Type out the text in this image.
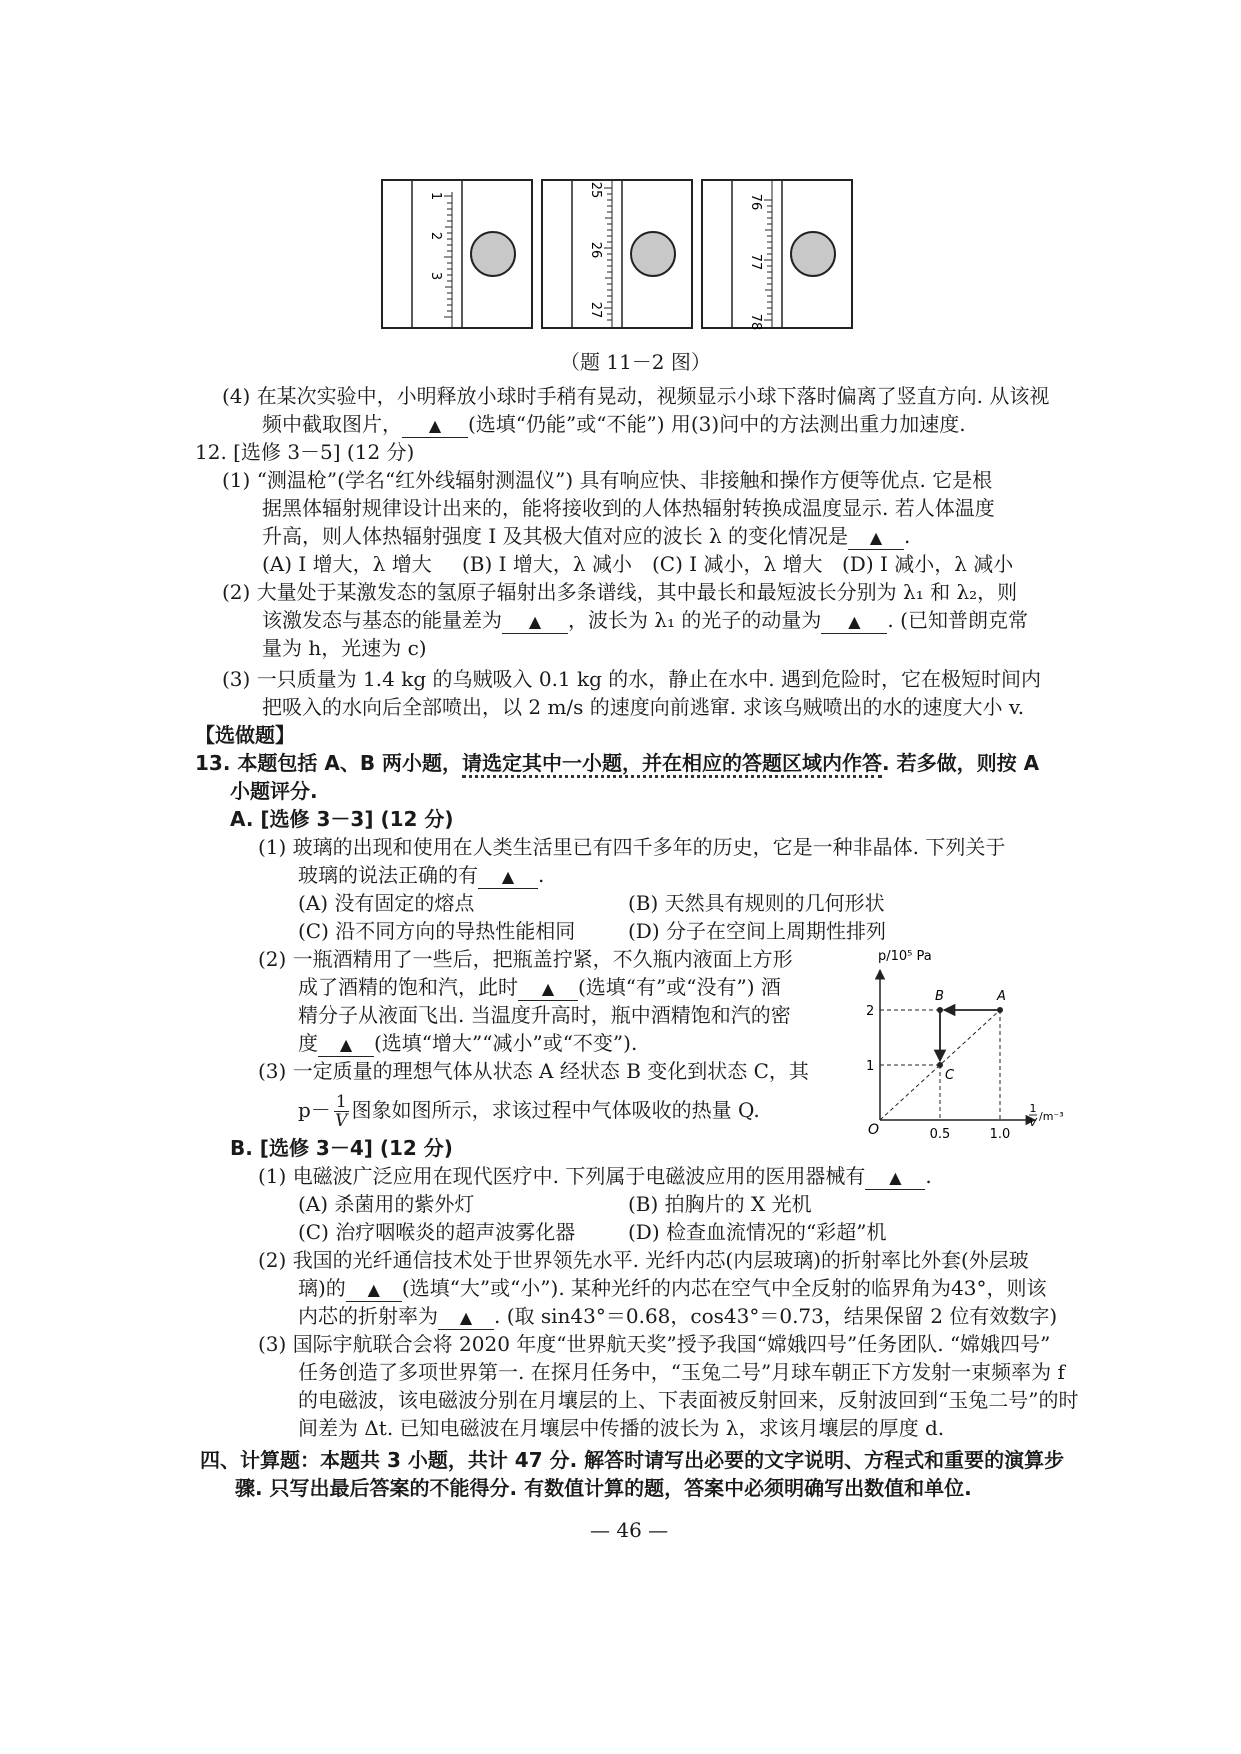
1
2
3
25
26
27
76
77
78
（题 11－2 图）
(4) 在某次实验中，小明释放小球时手稍有晃动，视频显示小球下落时偏离了竖直方向. 从该视
频中截取图片， ▲ (选填“仍能”或“不能”) 用(3)问中的方法测出重力加速度.
12. [选修 3－5] (12 分)
(1) “测温枪”(学名“红外线辐射测温仪”) 具有响应快、非接触和操作方便等优点. 它是根
据黑体辐射规律设计出来的，能将接收到的人体热辐射转换成温度显示. 若人体温度
升高，则人体热辐射强度 I 及其极大值对应的波长 λ 的变化情况是 ▲ .
(A) I 增大，λ 增大 (B) I 增大，λ 减小 (C) I 减小，λ 增大 (D) I 减小，λ 减小
(2) 大量处于某激发态的氢原子辐射出多条谱线，其中最长和最短波长分别为 λ₁ 和 λ₂，则
该激发态与基态的能量差为 ▲ ，波长为 λ₁ 的光子的动量为 ▲ . (已知普朗克常
量为 h，光速为 c)
(3) 一只质量为 1.4 kg 的乌贼吸入 0.1 kg 的水，静止在水中. 遇到危险时，它在极短时间内
把吸入的水向后全部喷出，以 2 m/s 的速度向前逃窜. 求该乌贼喷出的水的速度大小 v.
【选做题】
13. 本题包括 A、B 两小题，请选定其中一小题，并在相应的答题区域内作答. 若多做，则按 A
小题评分.
A. [选修 3－3] (12 分)
(1) 玻璃的出现和使用在人类生活里已有四千多年的历史，它是一种非晶体. 下列关于
玻璃的说法正确的有 ▲ .
(A) 没有固定的熔点	(B) 天然具有规则的几何形状
(C) 沿不同方向的导热性能相同	(D) 分子在空间上周期性排列
(2) 一瓶酒精用了一些后，把瓶盖拧紧，不久瓶内液面上方形
成了酒精的饱和汽，此时 ▲ (选填“有”或“没有”) 酒
精分子从液面飞出. 当温度升高时，瓶中酒精饱和汽的密
度 ▲ (选填“增大”“减小”或“不变”).
(3) 一定质量的理想气体从状态 A 经状态 B 变化到状态 C，其
$p- \frac{1}{V}$ 图象如图所示，求该过程中气体吸收的热量 Q.
p/10⁵ Pa
O
1
V /m⁻³
A
B
C
2
1
0.5	1.0
B. [选修 3－4] (12 分)
(1) 电磁波广泛应用在现代医疗中. 下列属于电磁波应用的医用器械有 ▲ .
(A) 杀菌用的紫外灯	(B) 拍胸片的 X 光机
(C) 治疗咽喉炎的超声波雾化器	(D) 检查血流情况的“彩超”机
(2) 我国的光纤通信技术处于世界领先水平. 光纤内芯(内层玻璃)的折射率比外套(外层玻
璃)的 ▲ (选填“大”或“小”). 某种光纤的内芯在空气中全反射的临界角为43°，则该
内芯的折射率为 ▲ . (取 sin43°＝0.68，cos43°＝0.73，结果保留 2 位有效数字)
(3) 国际宇航联合会将 2020 年度“世界航天奖”授予我国“嫦娥四号”任务团队. “嫦娥四号”
任务创造了多项世界第一. 在探月任务中，“玉兔二号”月球车朝正下方发射一束频率为 f
的电磁波，该电磁波分别在月壤层的上、下表面被反射回来，反射波回到“玉兔二号”的时
间差为 Δt. 已知电磁波在月壤层中传播的波长为 λ，求该月壤层的厚度 d.
四、计算题：本题共 3 小题，共计 47 分. 解答时请写出必要的文字说明、方程式和重要的演算步
骤. 只写出最后答案的不能得分. 有数值计算的题，答案中必须明确写出数值和单位.
— 46 —
